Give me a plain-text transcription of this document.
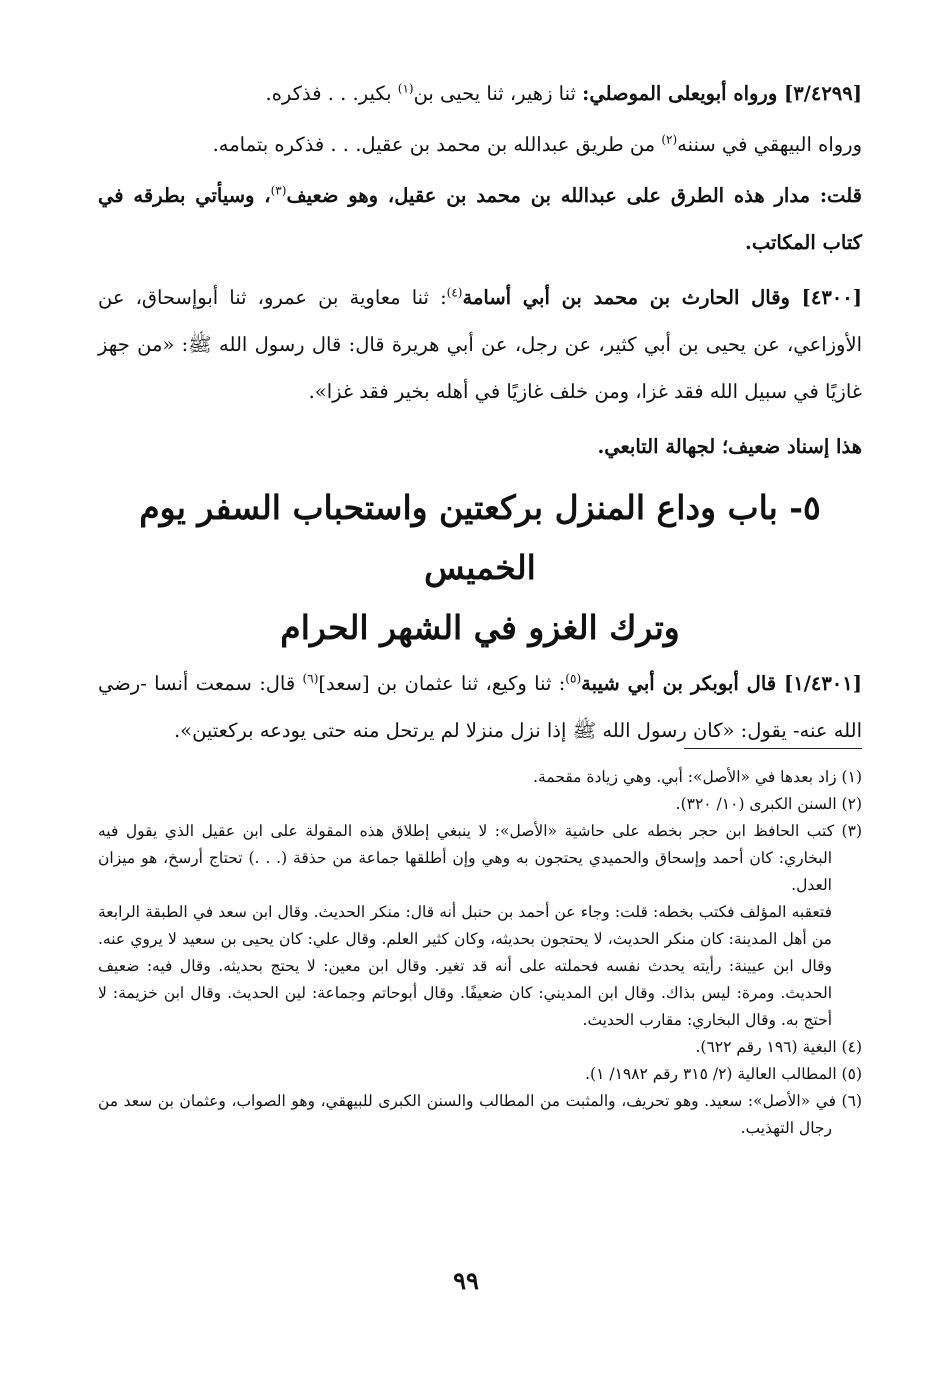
[٣/٤٢٩٩] ورواه أبويعلى الموصلي: ثنا زهير، ثنا يحيى بن$^{(١)}$ بكير. . . فذكره.

ورواه البيهقي في سننه$^{(٢)}$ من طريق عبدالله بن محمد بن عقيل. . . فذكره بتمامه.

قلت: مدار هذه الطرق على عبدالله بن محمد بن عقيل، وهو ضعيف$^{(٣)}$، وسيأتي بطرقه في كتاب المكاتب.

[٤٣٠٠] وقال الحارث بن محمد بن أبي أسامة$^{(٤)}$: ثنا معاوية بن عمرو، ثنا أبوإسحاق، عن الأوزاعي، عن يحيى بن أبي كثير، عن رجل، عن أبي هريرة قال: قال رسول الله ﷺ: «من جهز غازيًا في سبيل الله فقد غزا، ومن خلف غازيًا في أهله بخير فقد غزا».

هذا إسناد ضعيف؛ لجهالة التابعي.

٥- باب وداع المنزل بركعتين واستحباب السفر يوم الخميس
وترك الغزو في الشهر الحرام

[١/٤٣٠١] قال أبوبكر بن أبي شيبة$^{(٥)}$: ثنا وكيع، ثنا عثمان بن [سعد]$^{(٦)}$ قال: سمعت أنسا -رضي الله عنه- يقول: «كان رسول الله ﷺ إذا نزل منزلا لم يرتحل منه حتى يودعه بركعتين».

(١) زاد بعدها في «الأصل»: أبي. وهي زيادة مقحمة.

(٢) السنن الكبرى (١٠/ ٣٢٠).

(٣) كتب الحافظ ابن حجر بخطه على حاشية «الأصل»: لا ينبغي إطلاق هذه المقولة على ابن عقيل الذي يقول فيه البخاري: كان أحمد وإسحاق والحميدي يحتجون به وهي وإن أطلقها جماعة من حذقة (. . .) تحتاج أرسخ، هو ميزان العدل.
فتعقبه المؤلف فكتب بخطه: قلت: وجاء عن أحمد بن حنبل أنه قال: منكر الحديث. وقال ابن سعد في الطبقة الرابعة من أهل المدينة: كان منكر الحديث، لا يحتجون بحديثه، وكان كثير العلم. وقال علي: كان يحيى بن سعيد لا يروي عنه. وقال ابن عيينة: رأيته يحدث نفسه فحملته على أنه قد تغير. وقال ابن معين: لا يحتج بحديثه. وقال فيه: ضعيف الحديث. ومرة: ليس بذاك. وقال ابن المديني: كان ضعيفًا. وقال أبوحاتم وجماعة: لين الحديث. وقال ابن خزيمة: لا أحتج به. وقال البخاري: مقارب الحديث.

(٤) البغية (١٩٦ رقم ٦٢٢).

(٥) المطالب العالية (٢/ ٣١٥ رقم ١٩٨٢/ ١).

(٦) في «الأصل»: سعيد. وهو تحريف، والمثبت من المطالب والسنن الكبرى للبيهقي، وهو الصواب، وعثمان بن سعد من رجال التهذيب.

٩٩
